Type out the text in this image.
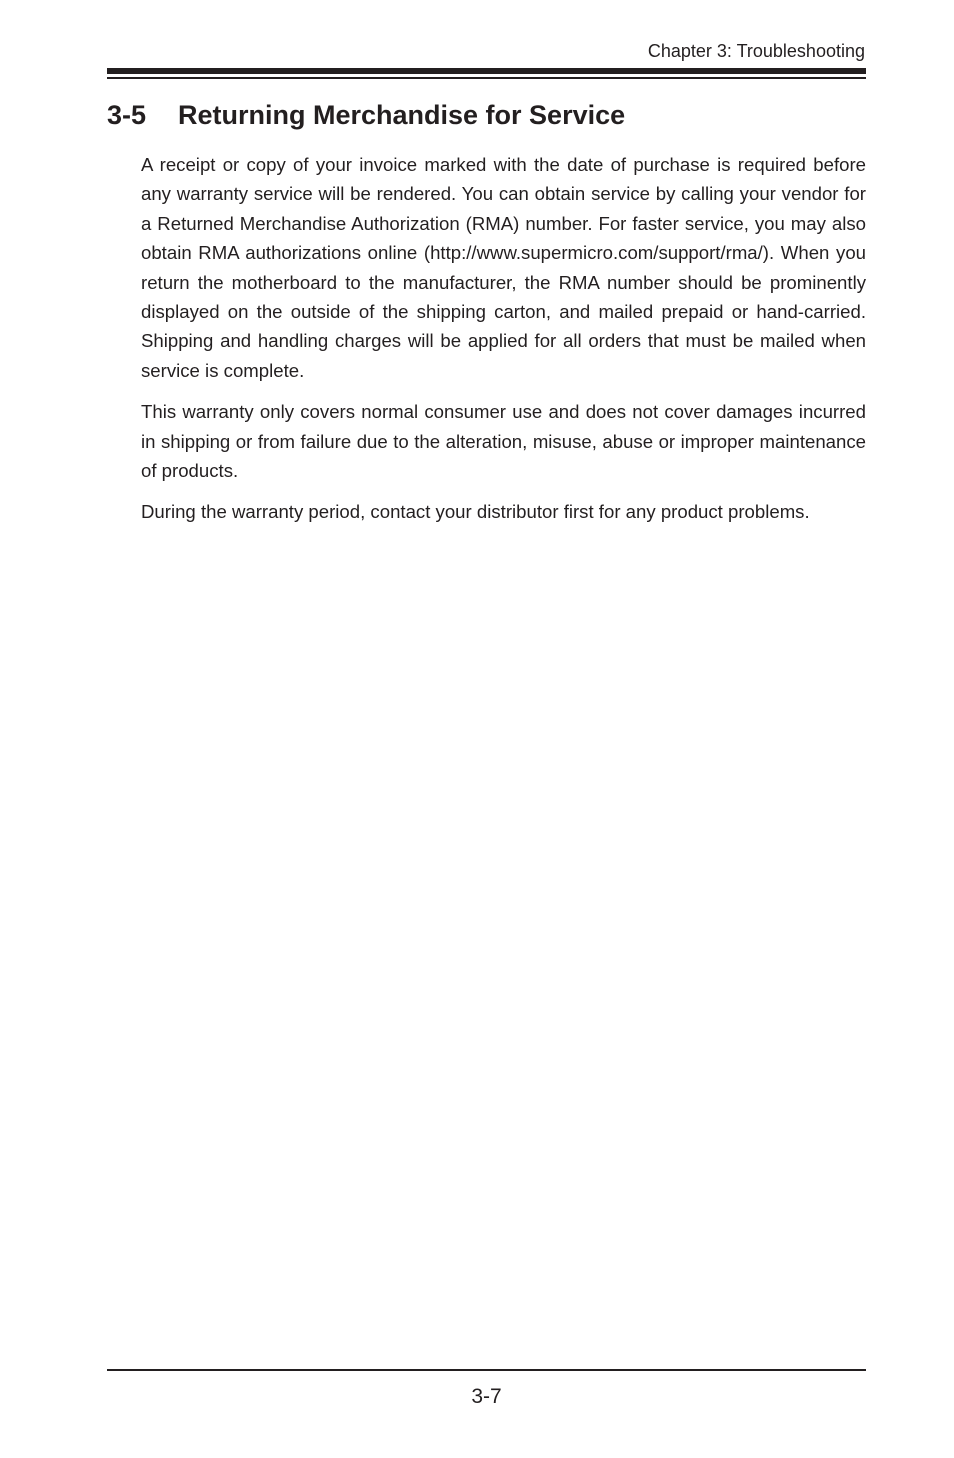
Chapter 3: Troubleshooting
3-5 Returning Merchandise for Service

A receipt or copy of your invoice marked with the date of purchase is required before any warranty service will be rendered. You can obtain service by calling your vendor for a Returned Merchandise Authorization (RMA) number. For faster service, you may also obtain RMA authorizations online (http://www.supermicro.com/support/rma/). When you return the motherboard to the manufacturer, the RMA number should be prominently displayed on the outside of the shipping carton, and mailed prepaid or hand-carried. Shipping and handling charges will be applied for all orders that must be mailed when service is complete.

This warranty only covers normal consumer use and does not cover damages incurred in shipping or from failure due to the alteration, misuse, abuse or improper maintenance of products.

During the warranty period, contact your distributor first for any product problems.

3-7
